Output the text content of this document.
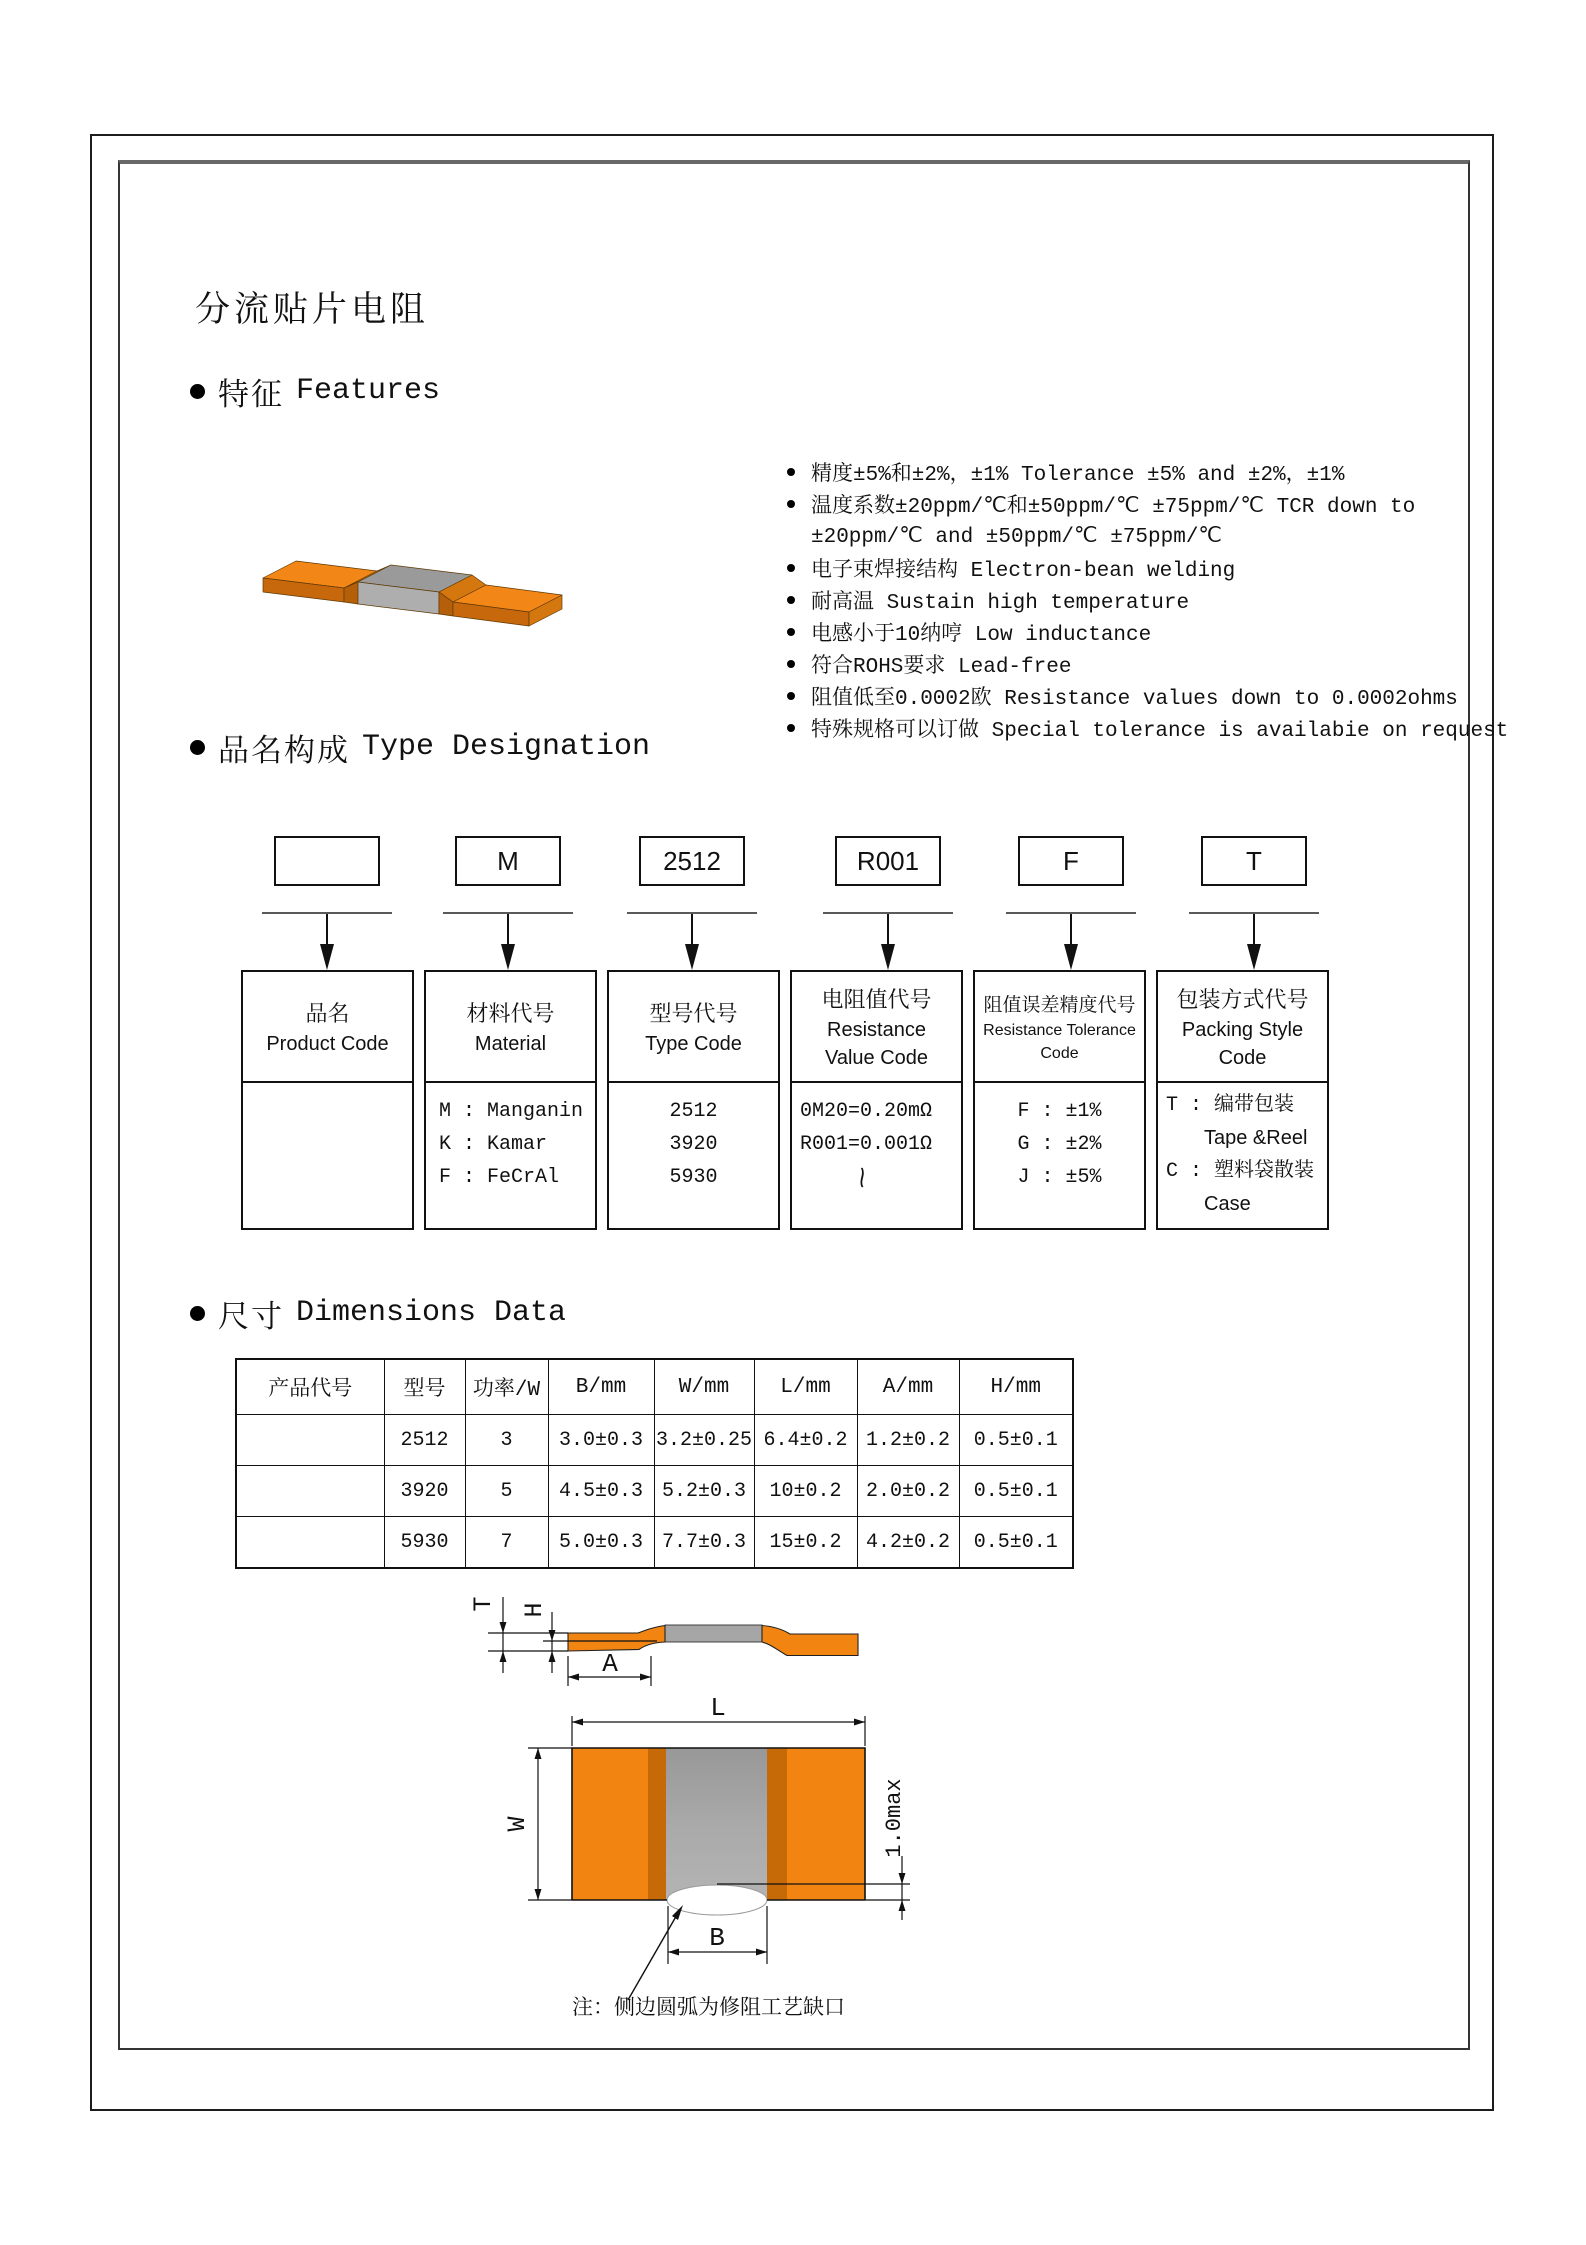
分流贴片电阻
特征 Features
精度±5%和±2%，±1% Tolerance ±5% and ±2%，±1%
温度系数±20ppm/℃和±50ppm/℃ ±75ppm/℃ TCR down to
±20ppm/℃ and ±50ppm/℃ ±75ppm/℃
电子束焊接结构 Electron-bean welding
耐高温 Sustain high temperature
电感小于10纳哼 Low inductance
符合ROHS要求 Lead-free
阻值低至0.0002欧 Resistance values down to 0.0002ohms
特殊规格可以订做 Special tolerance is availabie on request
品名构成 Type Designation
M	2512	R001	F	T
品名
Product Code
材料代号
Material
M : Manganin
K : Kamar
F : FeCrAl
型号代号
Type Code
2512
3920
5930
电阻值代号
Resistance
Value Code
0M20=0.20mΩ
R001=0.001Ω
~
阻值误差精度代号
Resistance Tolerance
Code
F : ±1%
G : ±2%
J : ±5%
包装方式代号
Packing Style
Code
T : 编带包装
Tape &Reel
C : 塑料袋散装
Case
尺寸 Dimensions Data
产品代号	型号	功率/W	B/mm	W/mm	L/mm	A/mm	H/mm
	2512	3	3.0±0.3	3.2±0.25	6.4±0.2	1.2±0.2	0.5±0.1
	3920	5	4.5±0.3	5.2±0.3	10±0.2	2.0±0.2	0.5±0.1
	5930	7	5.0±0.3	7.7±0.3	15±0.2	4.2±0.2	0.5±0.1
T H
A
L
W
B
1.0max
注：侧边圆弧为修阻工艺缺口
